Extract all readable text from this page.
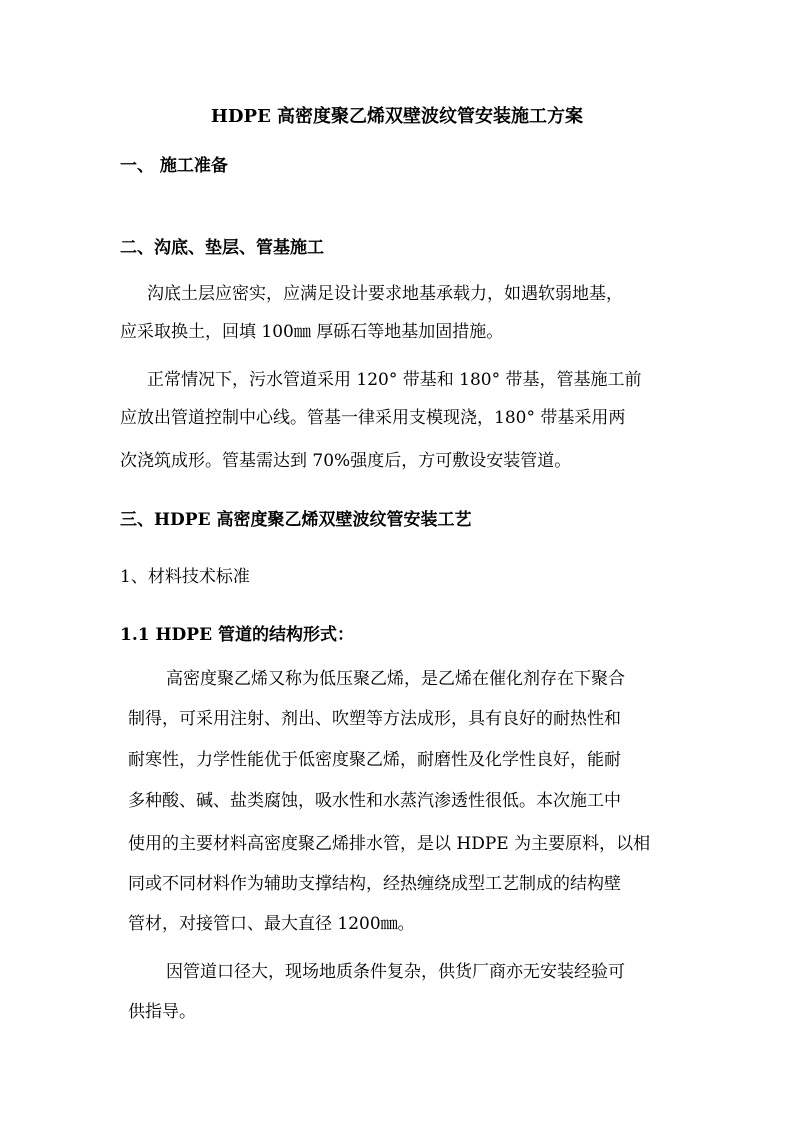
HDPE 高密度聚乙烯双壁波纹管安装施工方案
一、 施工准备
二、沟底、垫层、管基施工
沟底土层应密实，应满足设计要求地基承载力，如遇软弱地基，
应采取换土，回填 100㎜ 厚砾石等地基加固措施。
正常情况下，污水管道采用 120° 带基和 180° 带基，管基施工前
应放出管道控制中心线。管基一律采用支模现浇，180° 带基采用两
次浇筑成形。管基需达到 70%强度后，方可敷设安装管道。
三、HDPE 高密度聚乙烯双壁波纹管安装工艺
1、材料技术标准
1.1 HDPE 管道的结构形式：
高密度聚乙烯又称为低压聚乙烯，是乙烯在催化剂存在下聚合
制得，可采用注射、剂出、吹塑等方法成形，具有良好的耐热性和
耐寒性，力学性能优于低密度聚乙烯，耐磨性及化学性良好，能耐
多种酸、碱、盐类腐蚀，吸水性和水蒸汽渗透性很低。本次施工中
使用的主要材料高密度聚乙烯排水管，是以 HDPE 为主要原料，以相
同或不同材料作为辅助支撑结构，经热缠绕成型工艺制成的结构壁
管材，对接管口、最大直径 1200㎜。
因管道口径大，现场地质条件复杂，供货厂商亦无安装经验可
供指导。
